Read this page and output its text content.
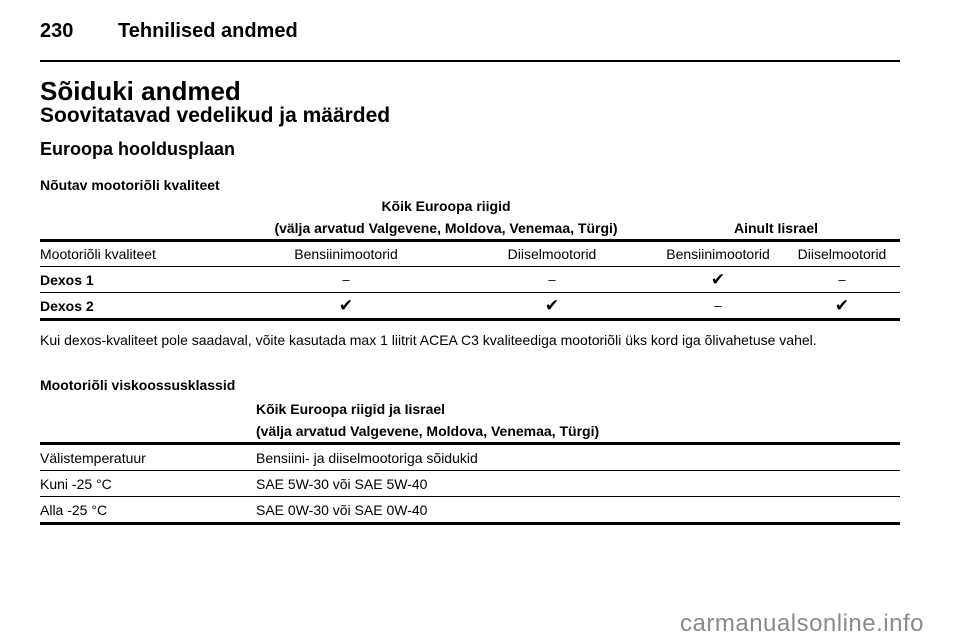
230 Tehnilised andmed
Sõiduki andmed
Soovitatavad vedelikud ja määrded
Euroopa hooldusplaan
Nõutav mootoriõli kvaliteet
	Kõik Euroopa riigid			
	(välja arvatud Valgevene, Moldova, Venemaa, Türgi)		Ainult Iisrael	
Mootoriõli kvaliteet	Bensiinimootorid	Diiselmootorid	Bensiinimootorid	Diiselmootorid
Dexos 1	–	–	✔	–
Dexos 2	✔	✔	–	✔
Kui dexos-kvaliteet pole saadaval, võite kasutada max 1 liitrit ACEA C3 kvaliteediga mootoriõli üks kord iga õlivahetuse vahel.
Mootoriõli viskoossusklassid
	Kõik Euroopa riigid ja Iisrael
	(välja arvatud Valgevene, Moldova, Venemaa, Türgi)
Välistemperatuur	Bensiini- ja diiselmootoriga sõidukid
Kuni -25 °C	SAE 5W-30 või SAE 5W-40
Alla -25 °C	SAE 0W-30 või SAE 0W-40
carmanualsonline.info
